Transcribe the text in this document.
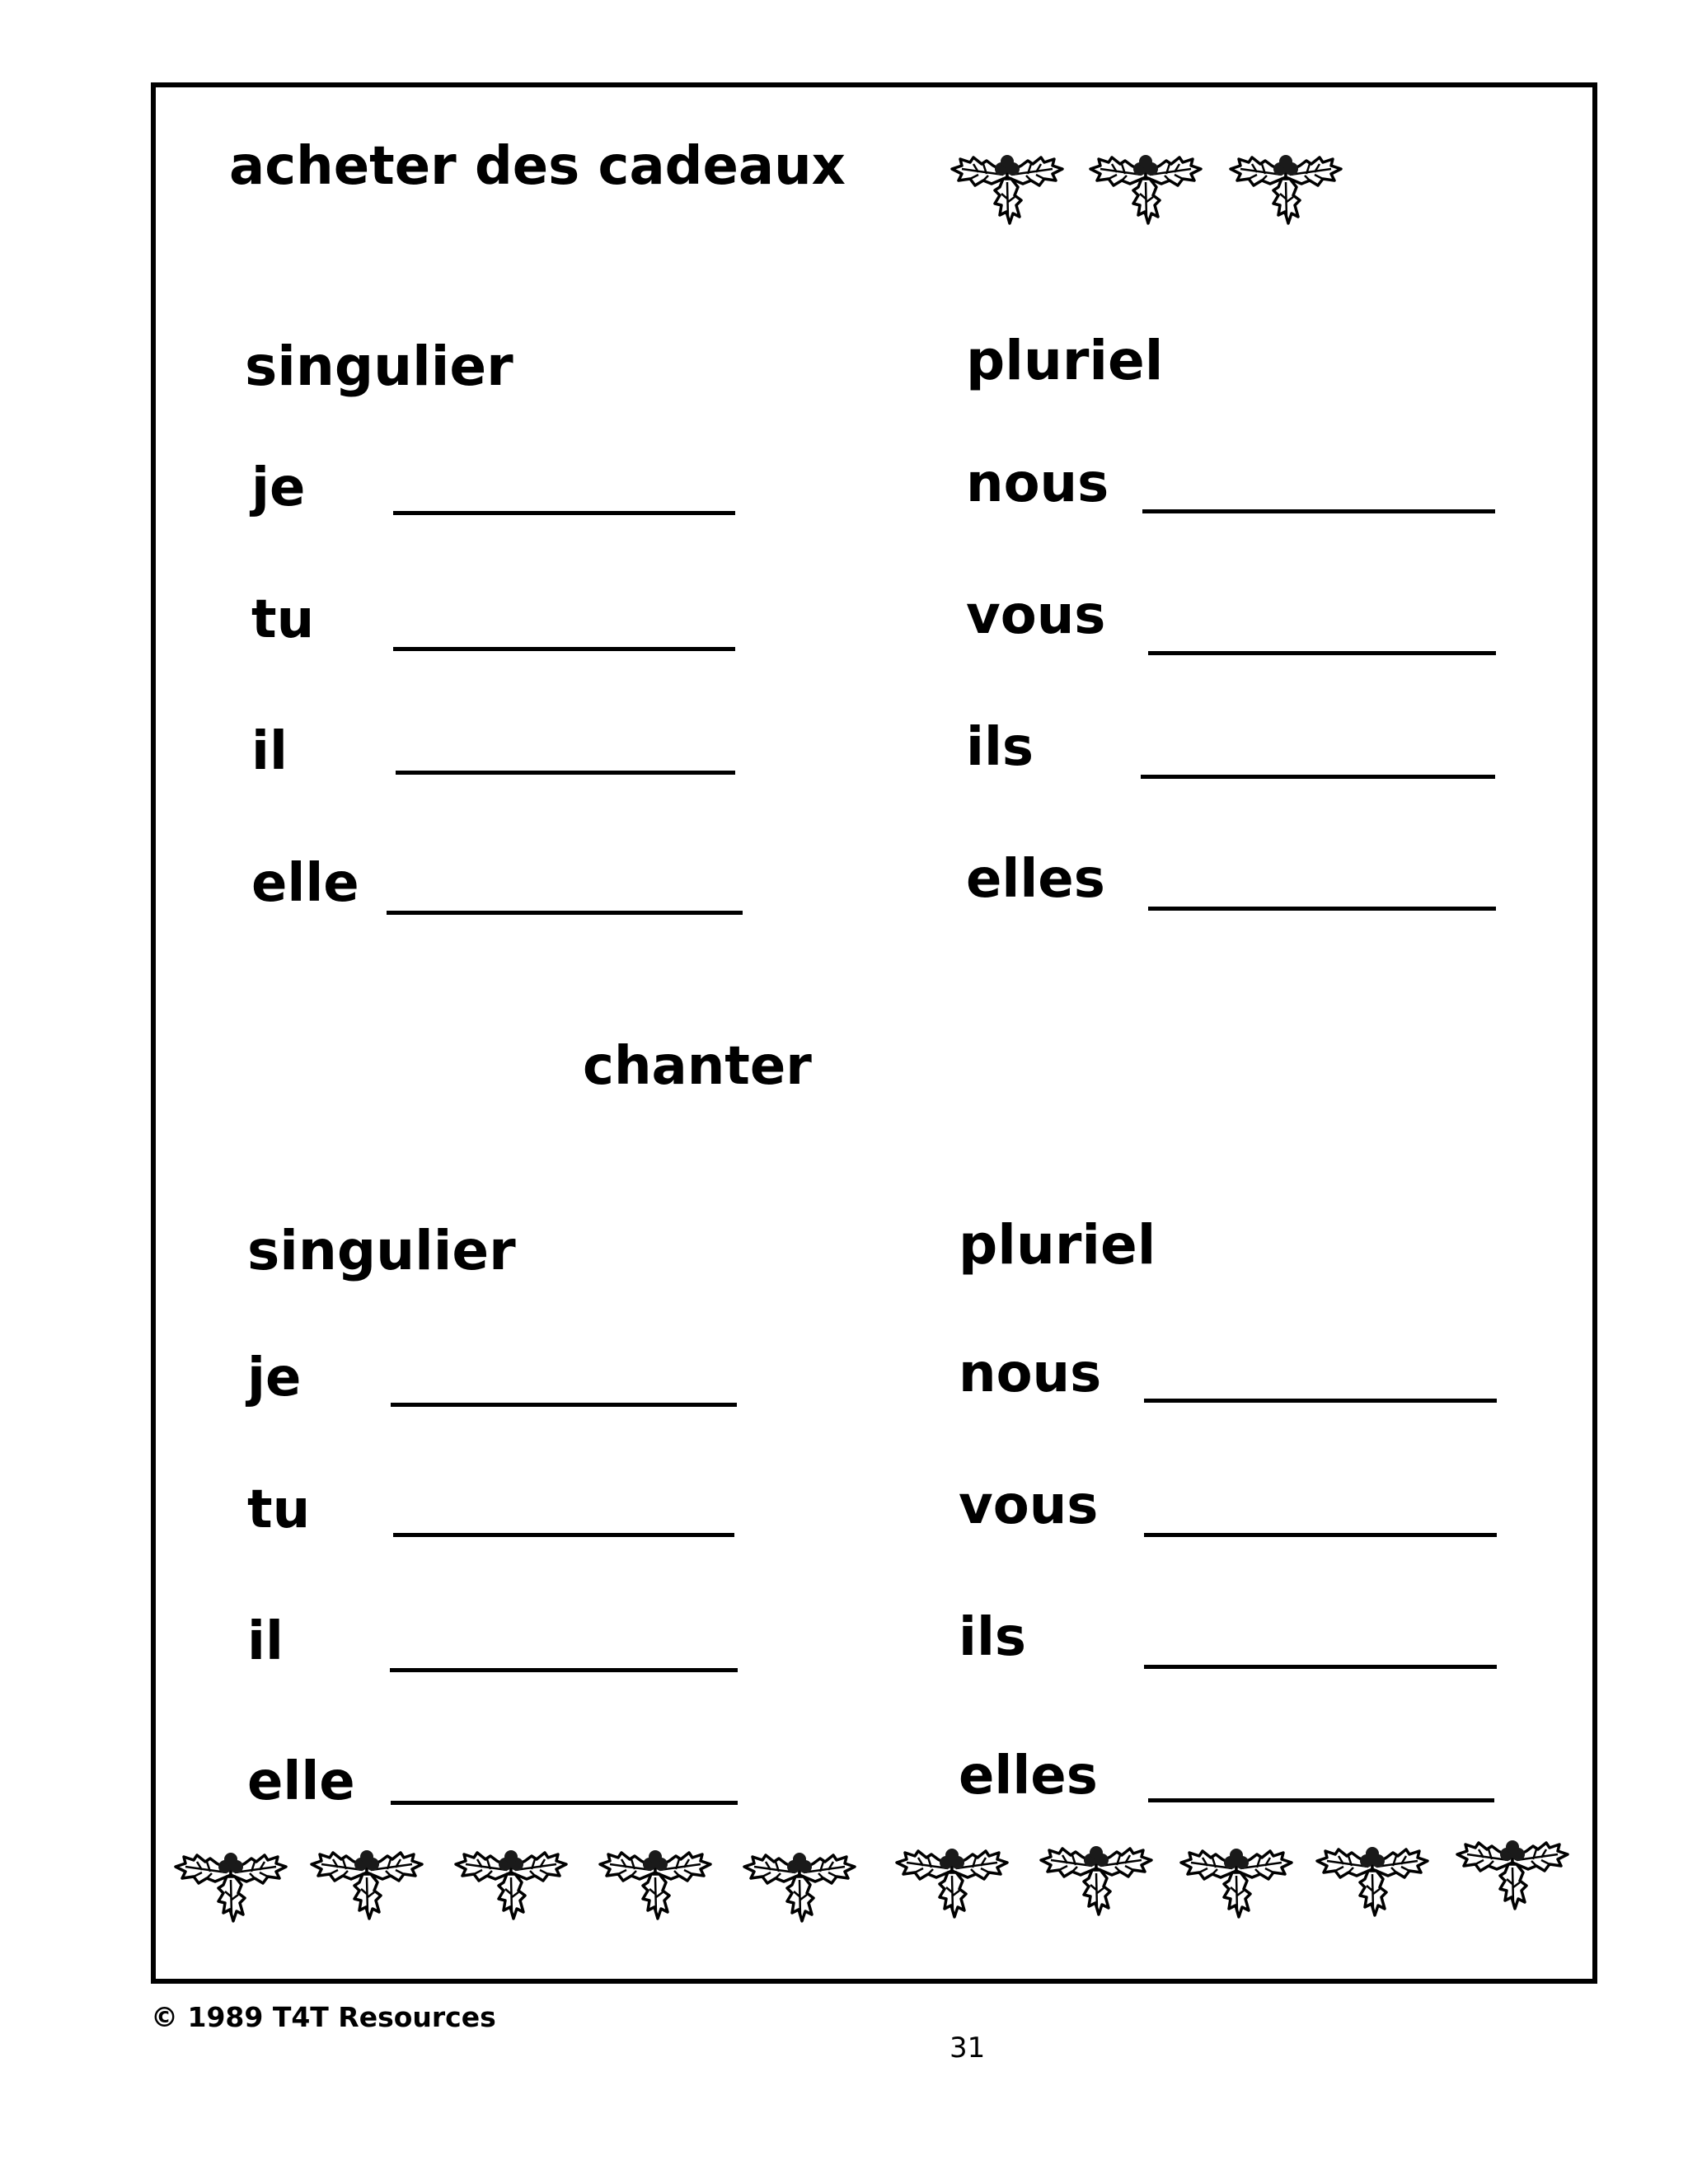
acheter des cadeaux
singulier	pluriel
je	nous
tu	vous
il	ils
elle	elles
chanter
singulier	pluriel
je	nous
tu	vous
il	ils
elle	elles
© 1989 T4T Resources
31
